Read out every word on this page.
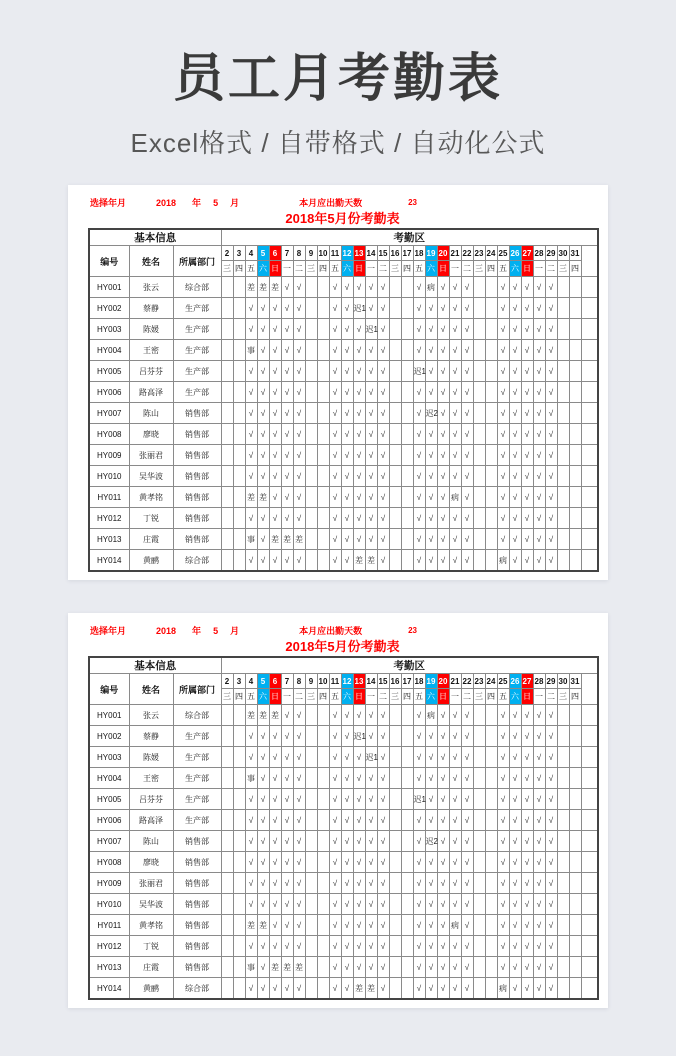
员工月考勤表
Excel格式 / 自带格式 / 自动化公式
选择年月	2018 年 5 月	本月应出勤天数	23
2018年5月份考勤表
基本信息			考勤区																														
编号	姓名	所属部门	2	3	4	5	6	7	8	9	10	11	12	13	14	15	16	17	18	19	20	21	22	23	24	25	26	27	28	29	30	31	
			三	四	五	六	日	一	二	三	四	五	六	日	一	二	三	四	五	六	日	一	二	三	四	五	六	日	一	二	三	四	
HY001	张云	综合部			差	差	差	√	√			√	√	√	√	√			√	病	√	√	√			√	√	√	√	√			
HY002	蔡静	生产部			√	√	√	√	√			√	√	迟1	√	√			√	√	√	√	√			√	√	√	√	√			
HY003	陈媛	生产部			√	√	√	√	√			√	√	√	迟1	√			√	√	√	√	√			√	√	√	√	√			
HY004	王密	生产部			事	√	√	√	√			√	√	√	√	√			√	√	√	√	√			√	√	√	√	√			
HY005	吕芬芬	生产部			√	√	√	√	√			√	√	√	√	√			迟1	√	√	√	√			√	√	√	√	√			
HY006	路高泽	生产部			√	√	√	√	√			√	√	√	√	√			√	√	√	√	√			√	√	√	√	√			
HY007	陈山	销售部			√	√	√	√	√			√	√	√	√	√			√	迟2	√	√	√			√	√	√	√	√			
HY008	廖晓	销售部			√	√	√	√	√			√	√	√	√	√			√	√	√	√	√			√	√	√	√	√			
HY009	张丽君	销售部			√	√	√	√	√			√	√	√	√	√			√	√	√	√	√			√	√	√	√	√			
HY010	吴华波	销售部			√	√	√	√	√			√	√	√	√	√			√	√	√	√	√			√	√	√	√	√			
HY011	黄孝铭	销售部			差	差	√	√	√			√	√	√	√	√			√	√	√	病	√			√	√	√	√	√			
HY012	丁锐	销售部			√	√	√	√	√			√	√	√	√	√			√	√	√	√	√			√	√	√	√	√			
HY013	庄霞	销售部			事	√	差	差	差			√	√	√	√	√			√	√	√	√	√			√	√	√	√	√			
HY014	黄鹂	综合部			√	√	√	√	√			√	√	差	差	√			√	√	√	√	√			病	√	√	√	√			
选择年月	2018 年 5 月	本月应出勤天数	23
2018年5月份考勤表
基本信息			考勤区																														
编号	姓名	所属部门	2	3	4	5	6	7	8	9	10	11	12	13	14	15	16	17	18	19	20	21	22	23	24	25	26	27	28	29	30	31	
			三	四	五	六	日	一	二	三	四	五	六	日	一	二	三	四	五	六	日	一	二	三	四	五	六	日	一	二	三	四	
HY001	张云	综合部			差	差	差	√	√			√	√	√	√	√			√	病	√	√	√			√	√	√	√	√			
HY002	蔡静	生产部			√	√	√	√	√			√	√	迟1	√	√			√	√	√	√	√			√	√	√	√	√			
HY003	陈媛	生产部			√	√	√	√	√			√	√	√	迟1	√			√	√	√	√	√			√	√	√	√	√			
HY004	王密	生产部			事	√	√	√	√			√	√	√	√	√			√	√	√	√	√			√	√	√	√	√			
HY005	吕芬芬	生产部			√	√	√	√	√			√	√	√	√	√			迟1	√	√	√	√			√	√	√	√	√			
HY006	路高泽	生产部			√	√	√	√	√			√	√	√	√	√			√	√	√	√	√			√	√	√	√	√			
HY007	陈山	销售部			√	√	√	√	√			√	√	√	√	√			√	迟2	√	√	√			√	√	√	√	√			
HY008	廖晓	销售部			√	√	√	√	√			√	√	√	√	√			√	√	√	√	√			√	√	√	√	√			
HY009	张丽君	销售部			√	√	√	√	√			√	√	√	√	√			√	√	√	√	√			√	√	√	√	√			
HY010	吴华波	销售部			√	√	√	√	√			√	√	√	√	√			√	√	√	√	√			√	√	√	√	√			
HY011	黄孝铭	销售部			差	差	√	√	√			√	√	√	√	√			√	√	√	病	√			√	√	√	√	√			
HY012	丁锐	销售部			√	√	√	√	√			√	√	√	√	√			√	√	√	√	√			√	√	√	√	√			
HY013	庄霞	销售部			事	√	差	差	差			√	√	√	√	√			√	√	√	√	√			√	√	√	√	√			
HY014	黄鹂	综合部			√	√	√	√	√			√	√	差	差	√			√	√	√	√	√			病	√	√	√	√			
